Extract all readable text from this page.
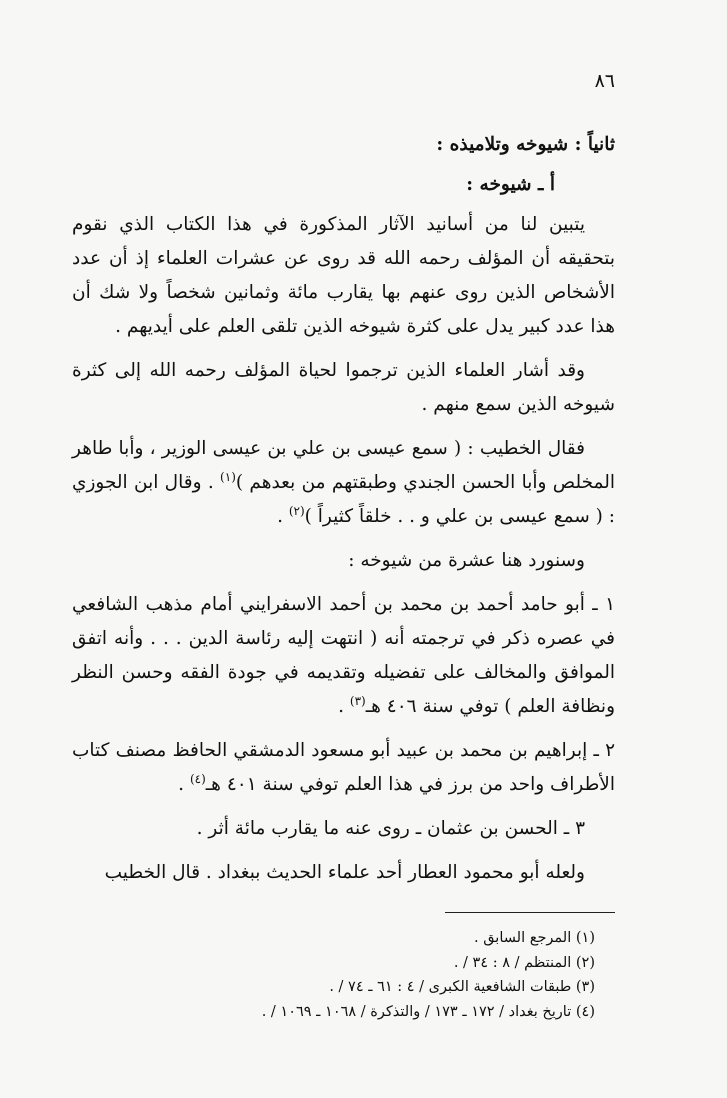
٨٦

ثانياً : شيوخه وتلاميذه :

أ ـ شيوخه :

يتبين لنا من أسانيد الآثار المذكورة في هذا الكتاب الذي نقوم بتحقيقه أن المؤلف رحمه الله قد روى عن عشرات العلماء إذ أن عدد الأشخاص الذين روى عنهم بها يقارب مائة وثمانين شخصاً ولا شك أن هذا عدد كبير يدل على كثرة شيوخه الذين تلقى العلم على أيديهم .

وقد أشار العلماء الذين ترجموا لحياة المؤلف رحمه الله إلى كثرة شيوخه الذين سمع منهم .

فقال الخطيب : ( سمع عيسى بن علي بن عيسى الوزير ، وأبا طاهر المخلص وأبا الحسن الجندي وطبقتهم من بعدهم )$^{(١)}$ . وقال ابن الجوزي : ( سمع عيسى بن علي و . . خلقاً كثيراً )$^{(٢)}$ .

وسنورد هنا عشرة من شيوخه :

١ ـ أبو حامد أحمد بن محمد بن أحمد الاسفرايني أمام مذهب الشافعي في عصره ذكر في ترجمته أنه ( انتهت إليه رئاسة الدين . . . وأنه اتفق الموافق والمخالف على تفضيله وتقديمه في جودة الفقه وحسن النظر ونظافة العلم ) توفي سنة ٤٠٦ هـ$^{(٣)}$ .

٢ ـ إبراهيم بن محمد بن عبيد أبو مسعود الدمشقي الحافظ مصنف كتاب الأطراف واحد من برز في هذا العلم توفي سنة ٤٠١ هـ$^{(٤)}$ .

٣ ـ الحسن بن عثمان ـ روى عنه ما يقارب مائة أثر .

ولعله أبو محمود العطار أحد علماء الحديث ببغداد . قال الخطيب

(١) المرجع السابق .
(٢) المنتظم / ٨ : ٣٤ / .
(٣) طبقات الشافعية الكبرى / ٤ : ٦١ ـ ٧٤ / .
(٤) تاريخ بغداد / ١٧٢ ـ ١٧٣ / والتذكرة / ١٠٦٨ ـ ١٠٦٩ / .
